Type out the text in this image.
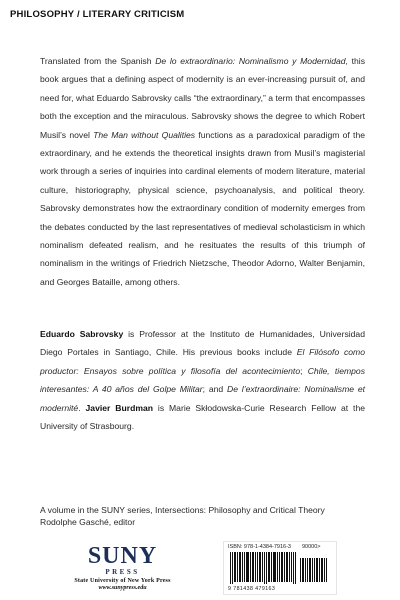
PHILOSOPHY / LITERARY CRITICISM
Translated from the Spanish De lo extraordinario: Nominalismo y Modernidad, this book argues that a defining aspect of modernity is an ever-increasing pursuit of, and need for, what Eduardo Sabrovsky calls “the extraordinary,” a term that encompasses both the exception and the miraculous. Sabrovsky shows the degree to which Robert Musil’s novel The Man without Qualities functions as a paradoxical paradigm of the extraordinary, and he extends the theoretical insights drawn from Musil’s magisterial work through a series of inquiries into cardinal elements of modern literature, material culture, historiography, physical science, psychoanalysis, and political theory. Sabrovsky demonstrates how the extraordinary condition of modernity emerges from the debates conducted by the last representatives of medieval scholasticism in which nominalism defeated realism, and he resituates the results of this triumph of nominalism in the writings of Friedrich Nietzsche, Theodor Adorno, Walter Benjamin, and Georges Bataille, among others.
Eduardo Sabrovsky is Professor at the Instituto de Humanidades, Universidad Diego Portales in Santiago, Chile. His previous books include El Filósofo como productor: Ensayos sobre política y filosofía del acontecimiento; Chile, tiempos interesantes: A 40 años del Golpe Militar; and De l’extraordinaire: Nominalisme et modernité. Javier Burdman is Marie Skłodowska-Curie Research Fellow at the University of Strasbourg.
A volume in the SUNY series, Intersections: Philosophy and Critical Theory
Rodolphe Gasché, editor
SUNY
PRESS
State University of New York Press
www.sunypress.edu
ISBN: 978-1-4384-7916-3 90000>
9 781438 479163
